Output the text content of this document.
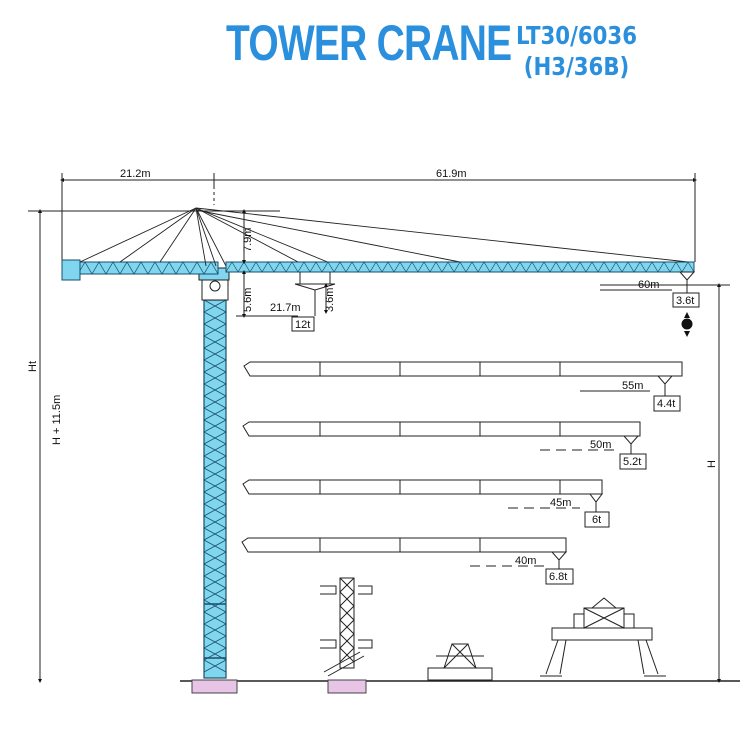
TOWER CRANE LT30/6036
(H3/36B)
21.2m	61.9m
Ht
H + 11.5m
H
7.9m
5.6m	3.6m
21.7m
12t
60m
3.6t
55m
4.4t
50m
5.2t
45m
6t
40m
6.8t
